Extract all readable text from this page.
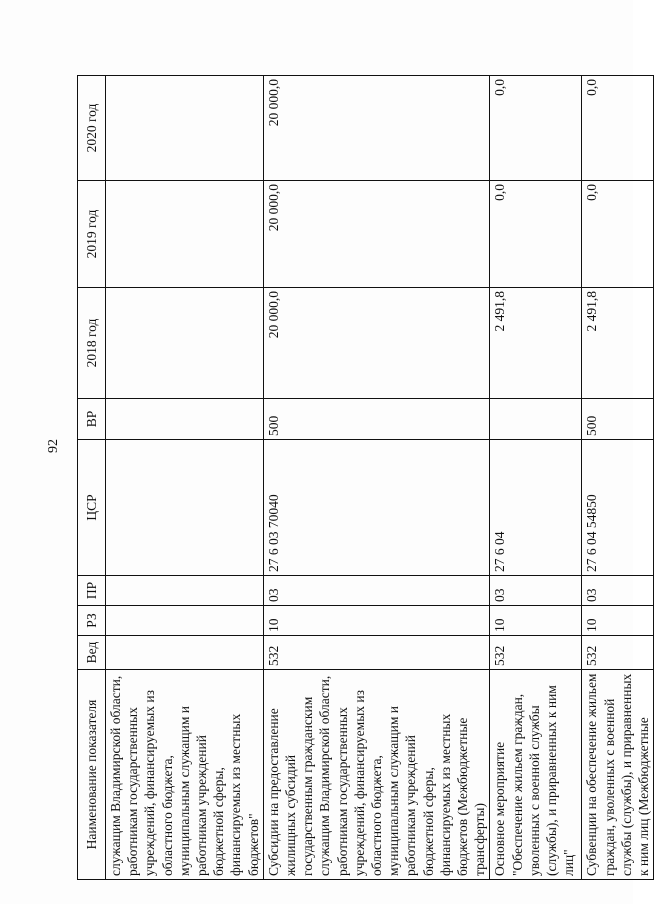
92
Наименование показателя	Вед	РЗ	ПР	ЦСР	ВР	2018 год	2019 год	2020 год
служащим Владимирской области, работникам государственных учреждений, финансируемых из областного бюджета, муниципальным служащим и работникам учреждений бюджетной сферы, финансируемых из местных бюджетов"								
Субсидии на предоставление жилищных субсидий государственным гражданским служащим Владимирской области, работникам государственных учреждений, финансируемых из областного бюджета, муниципальным служащим и работникам учреждений бюджетной сферы, финансируемых из местных бюджетов (Межбюджетные трансферты)	532	10	03	27 6 03 70040	500	20 000,0	20 000,0	20 000,0
Основное мероприятие "Обеспечение жильем граждан, уволенных с военной службы (службы), и приравненных к ним лиц"	532	10	03	27 6 04		2 491,8	0,0	0,0
Субвенции на обеспечение жильем граждан, уволенных с военной службы (службы), и приравненных к ним лиц (Межбюджетные	532	10	03	27 6 04 54850	500	2 491,8	0,0	0,0
